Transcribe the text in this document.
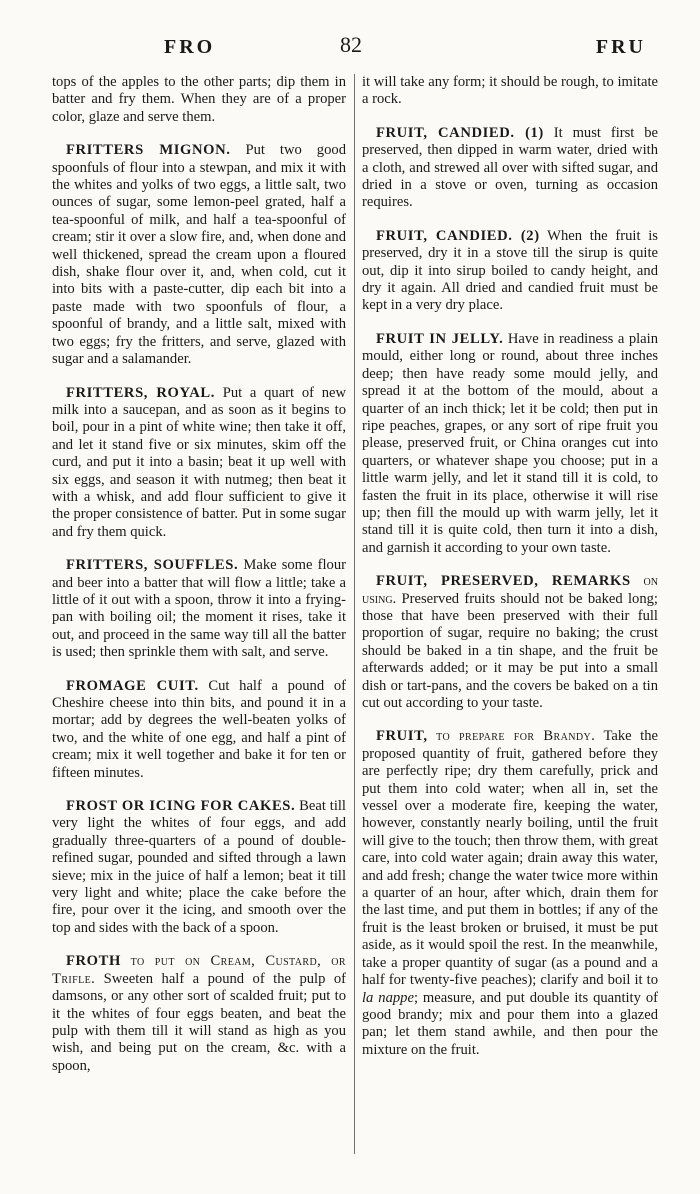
FRO	82	FRU

tops of the apples to the other parts; dip them in batter and fry them. When they are of a proper color, glaze and serve them.

FRITTERS MIGNON. Put two good spoonfuls of flour into a stewpan, and mix it with the whites and yolks of two eggs, a little salt, two ounces of sugar, some lemon-peel grated, half a tea-spoonful of milk, and half a tea-spoonful of cream; stir it over a slow fire, and, when done and well thickened, spread the cream upon a floured dish, shake flour over it, and, when cold, cut it into bits with a paste-cutter, dip each bit into a paste made with two spoonfuls of flour, a spoonful of brandy, and a little salt, mixed with two eggs; fry the fritters, and serve, glazed with sugar and a salamander.

FRITTERS, ROYAL. Put a quart of new milk into a saucepan, and as soon as it begins to boil, pour in a pint of white wine; then take it off, and let it stand five or six minutes, skim off the curd, and put it into a basin; beat it up well with six eggs, and season it with nutmeg; then beat it with a whisk, and add flour sufficient to give it the proper consistence of batter. Put in some sugar and fry them quick.

FRITTERS, SOUFFLES. Make some flour and beer into a batter that will flow a little; take a little of it out with a spoon, throw it into a frying-pan with boiling oil; the moment it rises, take it out, and proceed in the same way till all the batter is used; then sprinkle them with salt, and serve.

FROMAGE CUIT. Cut half a pound of Cheshire cheese into thin bits, and pound it in a mortar; add by degrees the well-beaten yolks of two, and the white of one egg, and half a pint of cream; mix it well together and bake it for ten or fifteen minutes.

FROST OR ICING FOR CAKES. Beat till very light the whites of four eggs, and add gradually three-quarters of a pound of double-refined sugar, pounded and sifted through a lawn sieve; mix in the juice of half a lemon; beat it till very light and white; place the cake before the fire, pour over it the icing, and smooth over the top and sides with the back of a spoon.

FROTH to put on Cream, Custard, or Trifle. Sweeten half a pound of the pulp of damsons, or any other sort of scalded fruit; put to it the whites of four eggs beaten, and beat the pulp with them till it will stand as high as you wish, and being put on the cream, &c. with a spoon,

it will take any form; it should be rough, to imitate a rock.

FRUIT, CANDIED. (1) It must first be preserved, then dipped in warm water, dried with a cloth, and strewed all over with sifted sugar, and dried in a stove or oven, turning as occasion requires.

FRUIT, CANDIED. (2) When the fruit is preserved, dry it in a stove till the sirup is quite out, dip it into sirup boiled to candy height, and dry it again. All dried and candied fruit must be kept in a very dry place.

FRUIT IN JELLY. Have in readiness a plain mould, either long or round, about three inches deep; then have ready some mould jelly, and spread it at the bottom of the mould, about a quarter of an inch thick; let it be cold; then put in ripe peaches, grapes, or any sort of ripe fruit you please, preserved fruit, or China oranges cut into quarters, or whatever shape you choose; put in a little warm jelly, and let it stand till it is cold, to fasten the fruit in its place, otherwise it will rise up; then fill the mould up with warm jelly, let it stand till it is quite cold, then turn it into a dish, and garnish it according to your own taste.

FRUIT, PRESERVED, REMARKS on using. Preserved fruits should not be baked long; those that have been preserved with their full proportion of sugar, require no baking; the crust should be baked in a tin shape, and the fruit be afterwards added; or it may be put into a small dish or tart-pans, and the covers be baked on a tin cut out according to your taste.

FRUIT, to prepare for Brandy. Take the proposed quantity of fruit, gathered before they are perfectly ripe; dry them carefully, prick and put them into cold water; when all in, set the vessel over a moderate fire, keeping the water, however, constantly nearly boiling, until the fruit will give to the touch; then throw them, with great care, into cold water again; drain away this water, and add fresh; change the water twice more within a quarter of an hour, after which, drain them for the last time, and put them in bottles; if any of the fruit is the least broken or bruised, it must be put aside, as it would spoil the rest. In the meanwhile, take a proper quantity of sugar (as a pound and a half for twenty-five peaches); clarify and boil it to la nappe; measure, and put double its quantity of good brandy; mix and pour them into a glazed pan; let them stand awhile, and then pour the mixture on the fruit.
